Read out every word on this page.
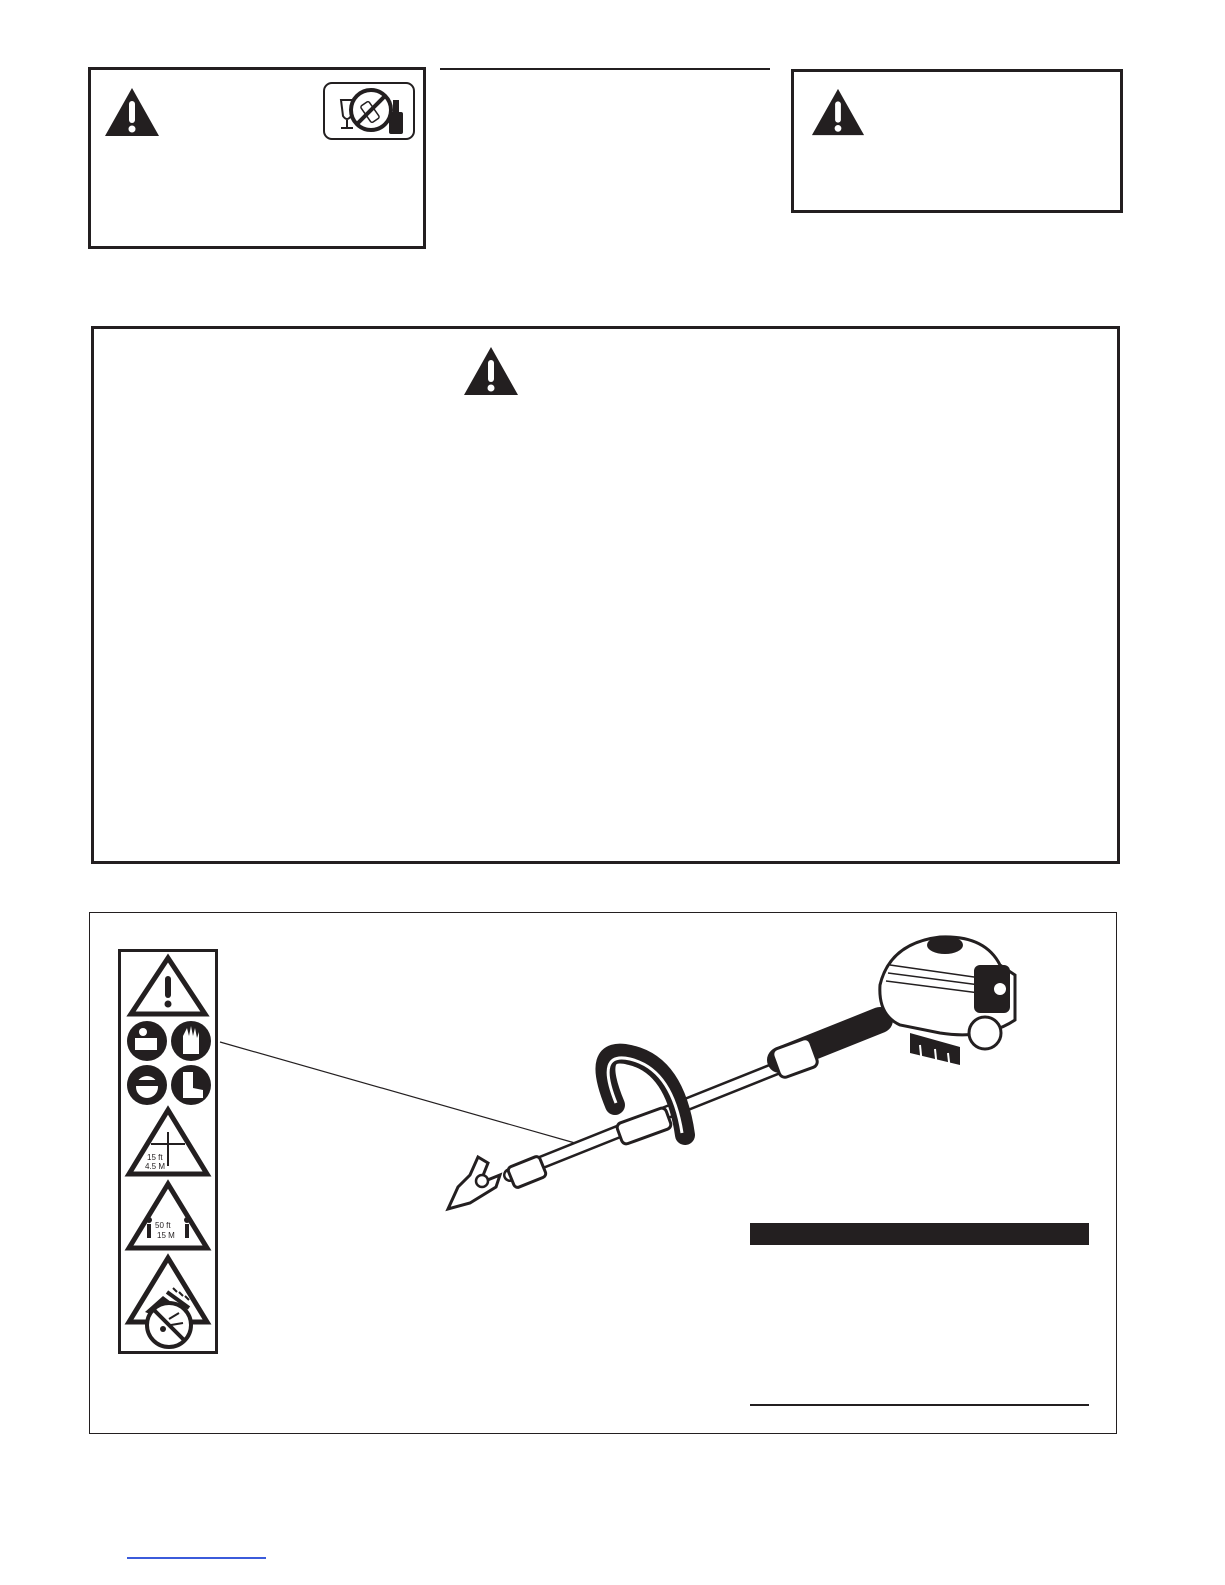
15 ft
4.5 M
50 ft
15 M
